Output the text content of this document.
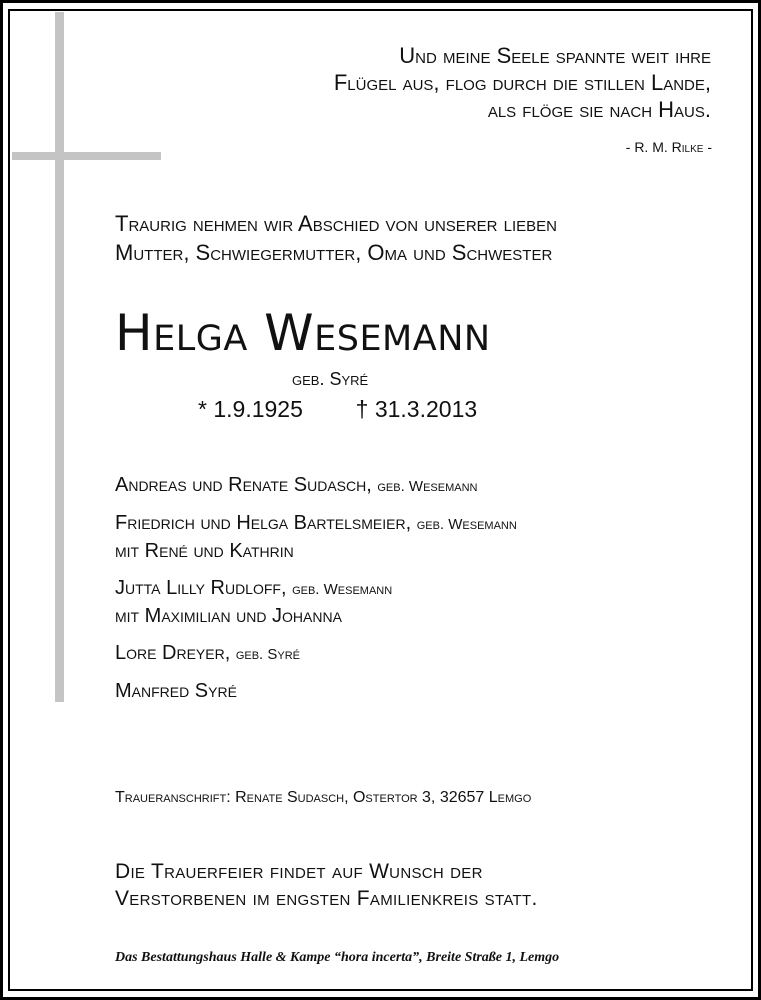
Und meine Seele spannte weit ihre
Flügel aus, flog durch die stillen Lande,
als flöge sie nach Haus.
- R. M. Rilke -
Traurig nehmen wir Abschied von unserer lieben
Mutter, Schwiegermutter, Oma und Schwester
Helga Wesemann
geb. Syré
* 1.9.1925 † 31.3.2013
Andreas und Renate Sudasch, geb. Wesemann
Friedrich und Helga Bartelsmeier, geb. Wesemann
mit René und Kathrin
Jutta Lilly Rudloff, geb. Wesemann
mit Maximilian und Johanna
Lore Dreyer, geb. Syré
Manfred Syré
Traueranschrift: Renate Sudasch, Ostertor 3, 32657 Lemgo
Die Trauerfeier findet auf Wunsch der
Verstorbenen im engsten Familienkreis statt.
Das Bestattungshaus Halle & Kampe “hora incerta”, Breite Straße 1, Lemgo
